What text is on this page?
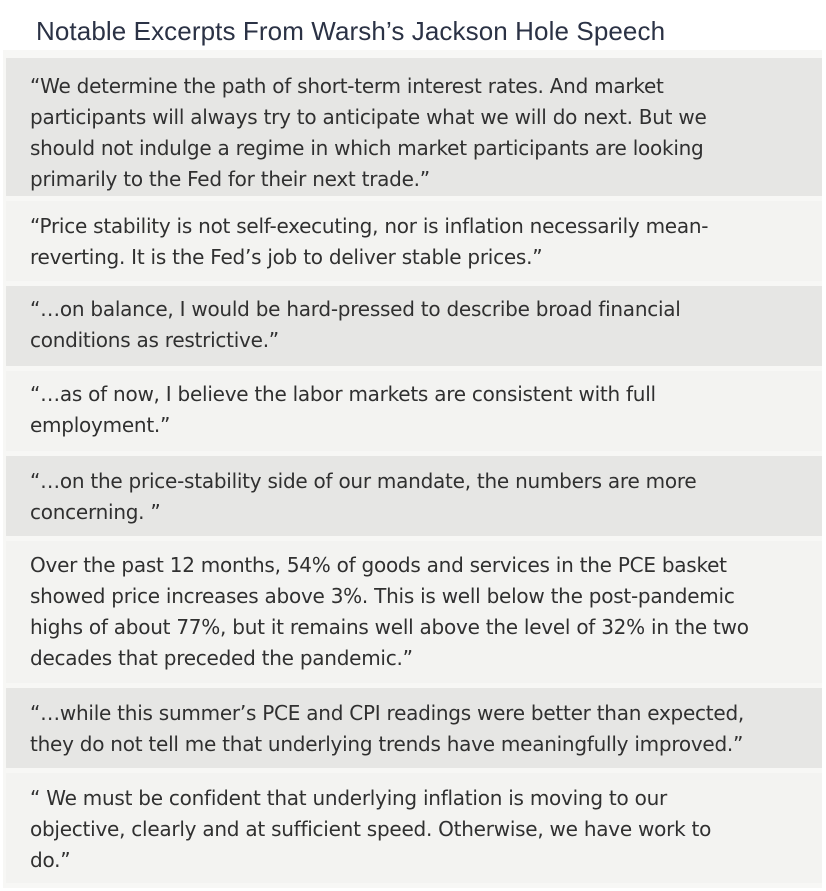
Notable Excerpts From Warsh’s Jackson Hole Speech
“We determine the path of short-term interest rates. And market
participants will always try to anticipate what we will do next. But we
should not indulge a regime in which market participants are looking
primarily to the Fed for their next trade.”
“Price stability is not self-executing, nor is inflation necessarily mean-
reverting. It is the Fed’s job to deliver stable prices.”
“…on balance, I would be hard-pressed to describe broad financial
conditions as restrictive.”
“…as of now, I believe the labor markets are consistent with full
employment.”
“…on the price-stability side of our mandate, the numbers are more
concerning. ”
Over the past 12 months, 54% of goods and services in the PCE basket
showed price increases above 3%. This is well below the post-pandemic
highs of about 77%, but it remains well above the level of 32% in the two
decades that preceded the pandemic.”
“…while this summer’s PCE and CPI readings were better than expected,
they do not tell me that underlying trends have meaningfully improved.”
“ We must be confident that underlying inflation is moving to our
objective, clearly and at sufficient speed. Otherwise, we have work to
do.”
